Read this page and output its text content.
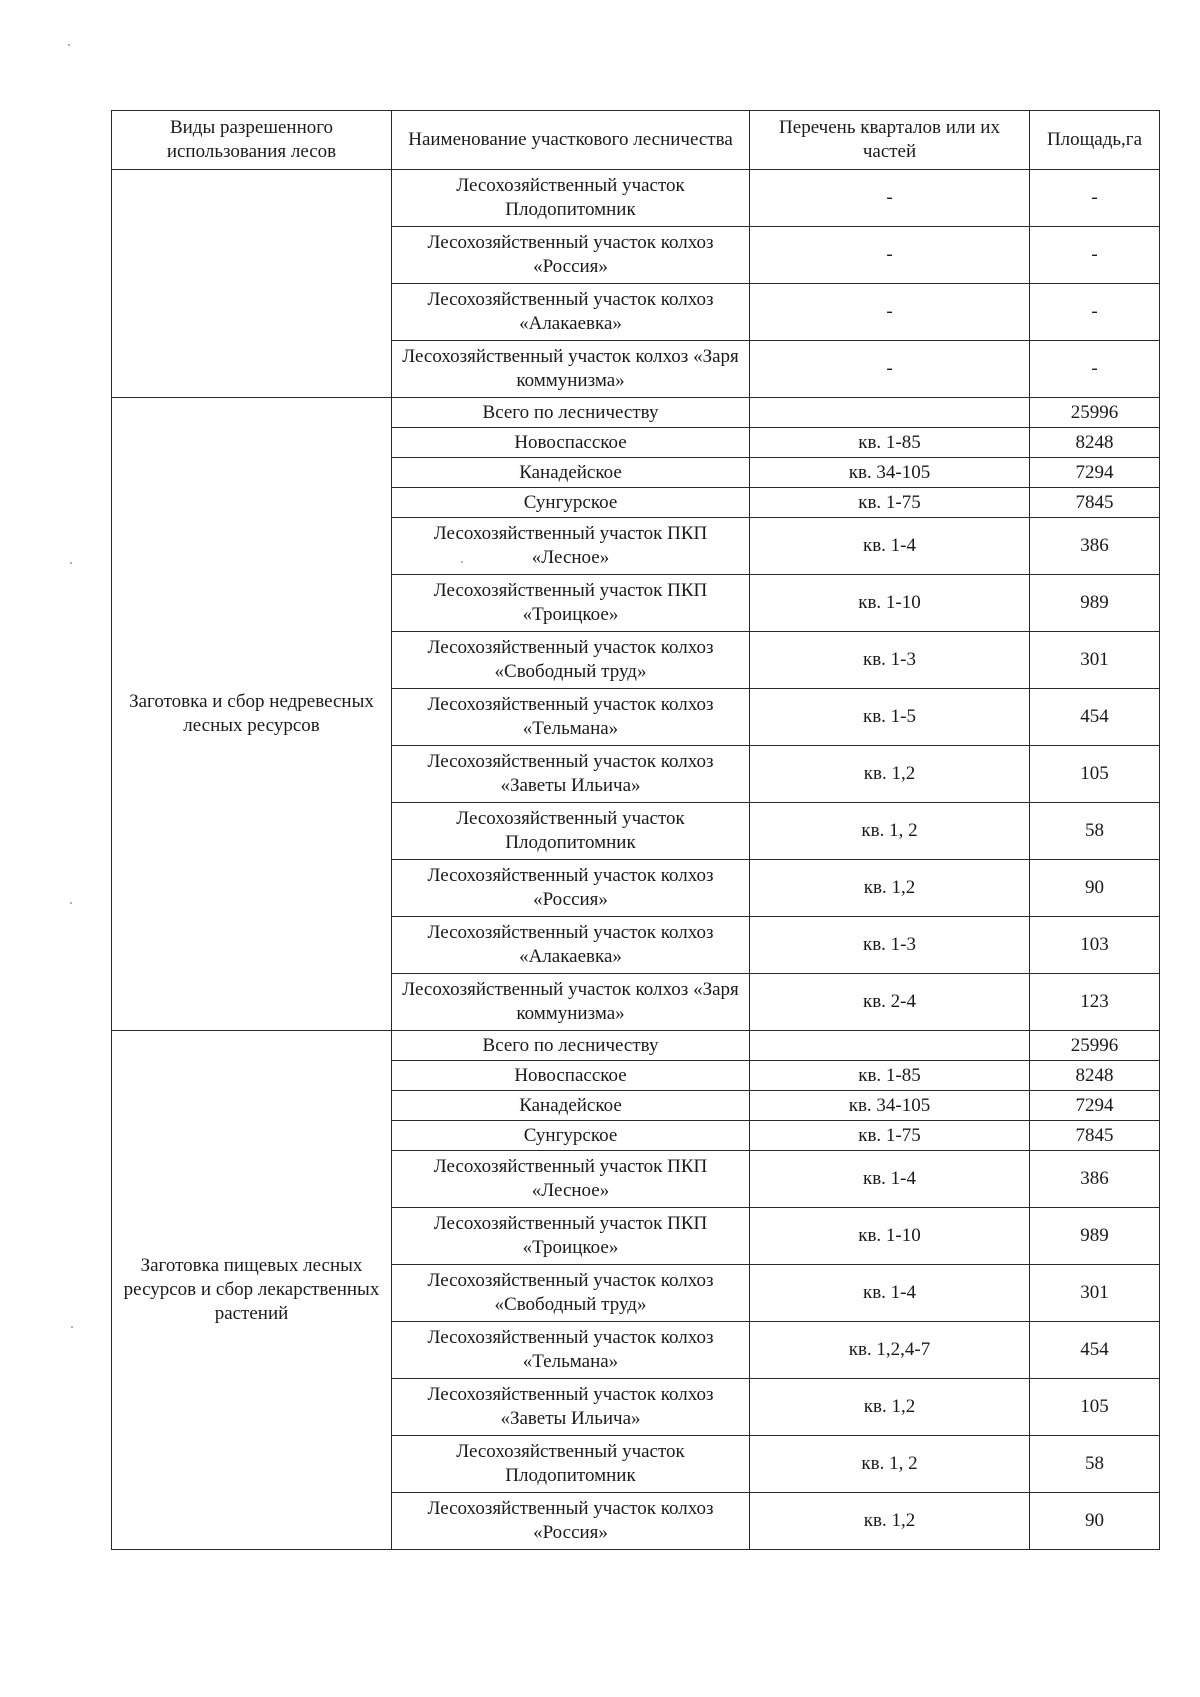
Виды разрешенного использования лесов	Наименование участкового лесничества	Перечень кварталов или их частей	Площадь,га
	Лесохозяйственный участок Плодопитомник	-	-
	Лесохозяйственный участок колхоз «Россия»	-	-
	Лесохозяйственный участок колхоз «Алакаевка»	-	-
	Лесохозяйственный участок колхоз «Заря коммунизма»	-	-
Заготовка и сбор недревесных лесных ресурсов	Всего по лесничеству		25996
	Новоспасское	кв. 1-85	8248
	Канадейское	кв. 34-105	7294
	Сунгурское	кв. 1-75	7845
	Лесохозяйственный участок ПКП «Лесное»	кв. 1-4	386
	Лесохозяйственный участок ПКП «Троицкое»	кв. 1-10	989
	Лесохозяйственный участок колхоз «Свободный труд»	кв. 1-3	301
	Лесохозяйственный участок колхоз «Тельмана»	кв. 1-5	454
	Лесохозяйственный участок колхоз «Заветы Ильича»	кв. 1,2	105
	Лесохозяйственный участок Плодопитомник	кв. 1, 2	58
	Лесохозяйственный участок колхоз «Россия»	кв. 1,2	90
	Лесохозяйственный участок колхоз «Алакаевка»	кв. 1-3	103
	Лесохозяйственный участок колхоз «Заря коммунизма»	кв. 2-4	123
Заготовка пищевых лесных ресурсов и сбор лекарственных растений	Всего по лесничеству		25996
	Новоспасское	кв. 1-85	8248
	Канадейское	кв. 34-105	7294
	Сунгурское	кв. 1-75	7845
	Лесохозяйственный участок ПКП «Лесное»	кв. 1-4	386
	Лесохозяйственный участок ПКП «Троицкое»	кв. 1-10	989
	Лесохозяйственный участок колхоз «Свободный труд»	кв. 1-4	301
	Лесохозяйственный участок колхоз «Тельмана»	кв. 1,2,4-7	454
	Лесохозяйственный участок колхоз «Заветы Ильича»	кв. 1,2	105
	Лесохозяйственный участок Плодопитомник	кв. 1, 2	58
	Лесохозяйственный участок колхоз «Россия»	кв. 1,2	90
